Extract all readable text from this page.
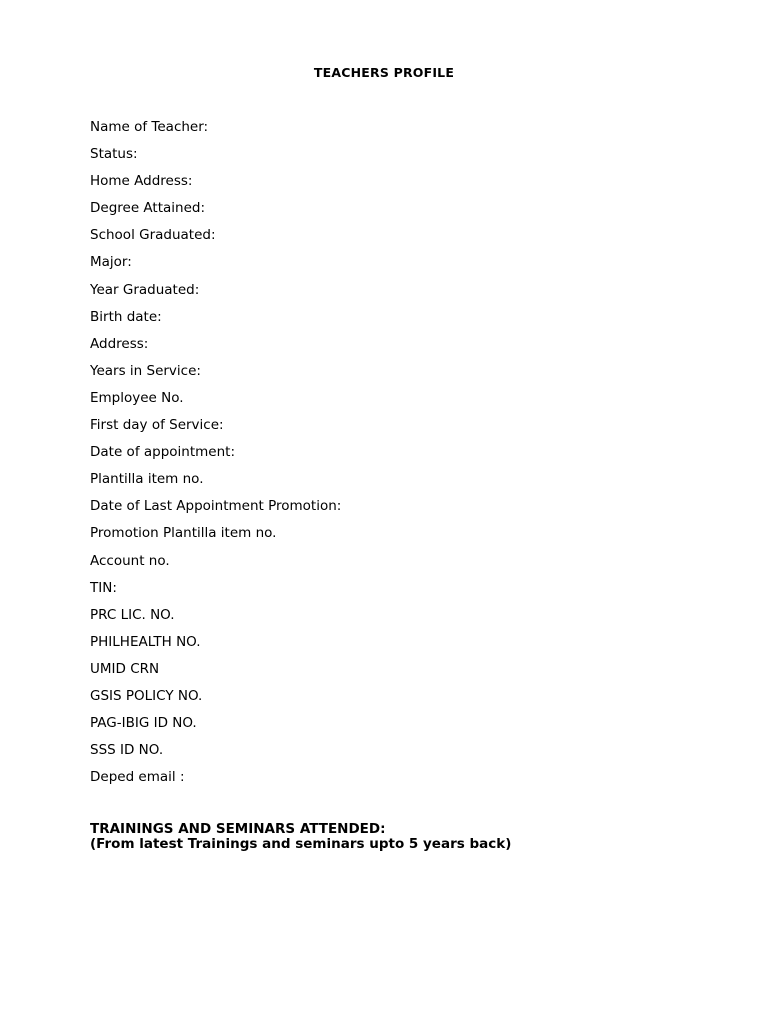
TEACHERS PROFILE
Name of Teacher:
Status:
Home Address:
Degree Attained:
School Graduated:
Major:
Year Graduated:
Birth date:
Address:
Years in Service:
Employee No.
First day of Service:
Date of appointment:
Plantilla item no.
Date of Last Appointment Promotion:
Promotion Plantilla item no.
Account no.
TIN:
PRC LIC. NO.
PHILHEALTH NO.
UMID CRN
GSIS POLICY NO.
PAG-IBIG ID NO.
SSS ID NO.
Deped email :
TRAININGS AND SEMINARS ATTENDED:
(From latest Trainings and seminars upto 5 years back)
